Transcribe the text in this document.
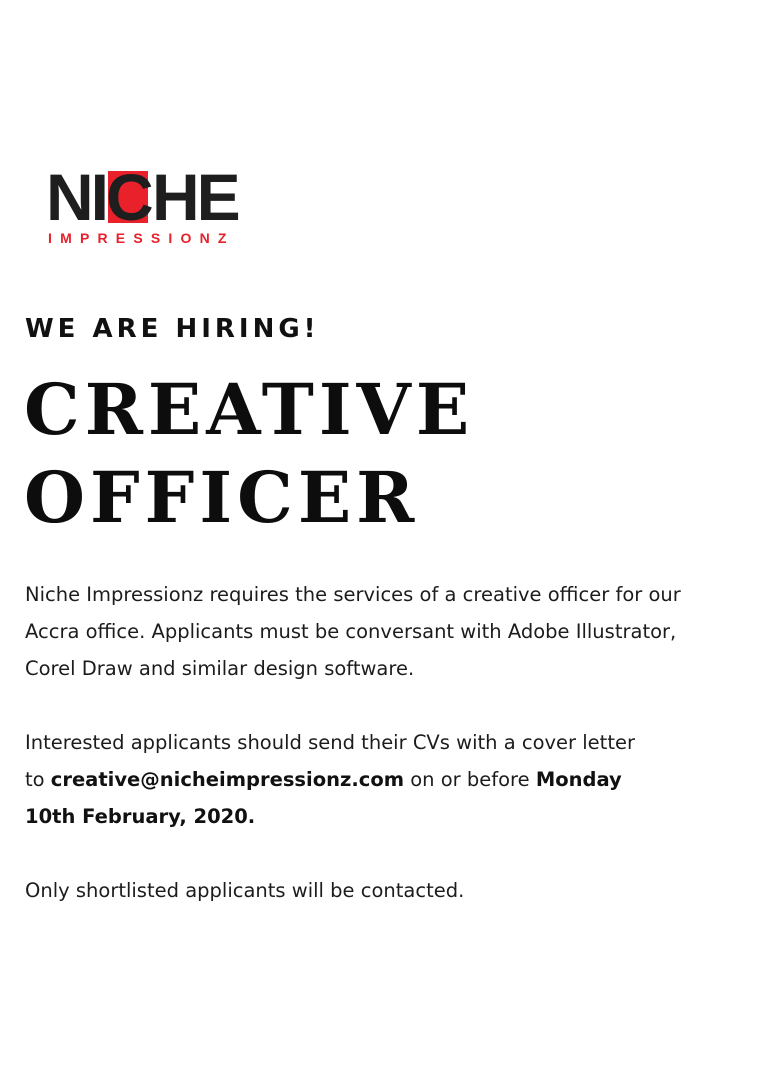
NI C HE
IMPRESSIONZ
WE ARE HIRING!
CREATIVE
OFFICER
Niche Impressionz requires the services of a creative officer for our
Accra office. Applicants must be conversant with Adobe Illustrator,
Corel Draw and similar design software.
Interested applicants should send their CVs with a cover letter
to creative@nicheimpressionz.com on or before Monday
10th February, 2020.
Only shortlisted applicants will be contacted.
